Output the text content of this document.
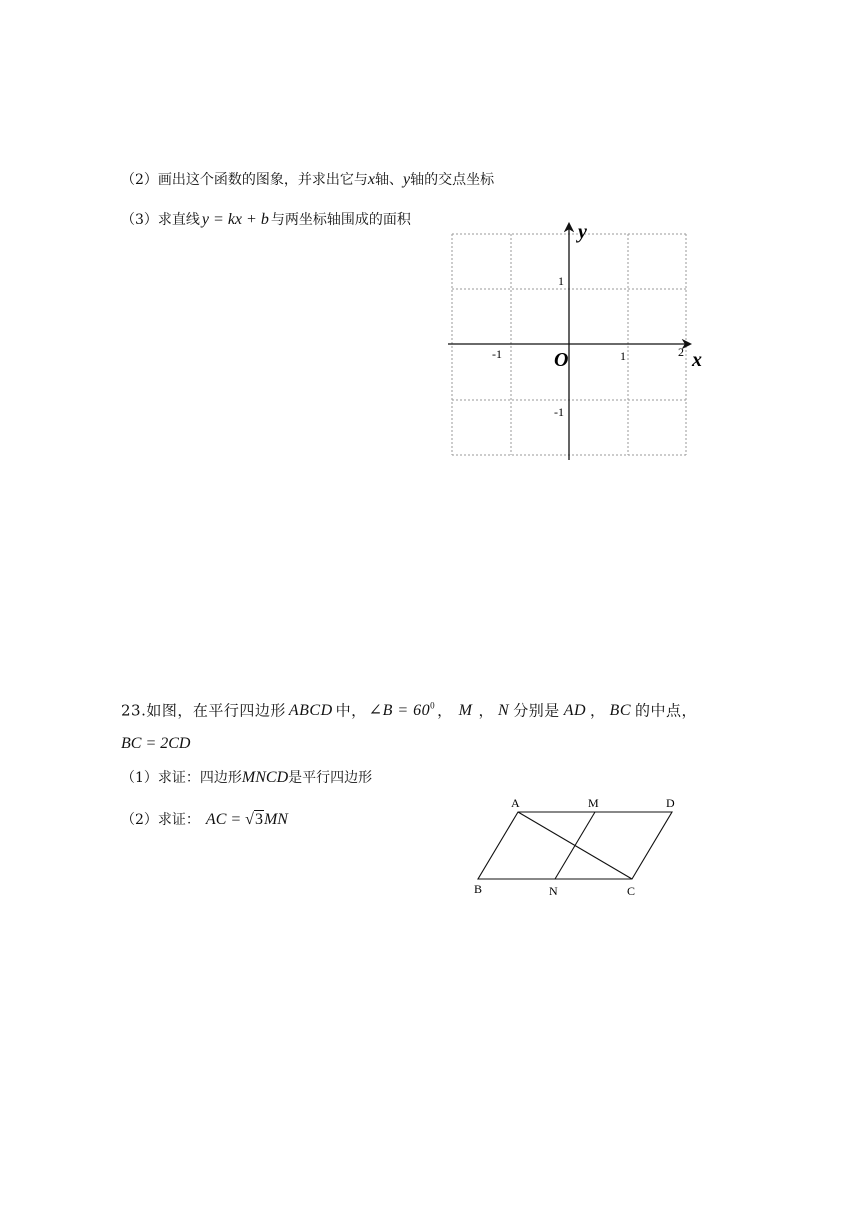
（2）画出这个函数的图象，并求出它与x轴、y轴的交点坐标
（3）求直线 y = kx + b 与两坐标轴围成的面积
y
x
O
-1	1	2
1
-1
23.如图，在平行四边形 ABCD 中， ∠B = $60^0$ ， M ， N 分别是 AD ， BC 的中点，
BC = 2CD
（1）求证：四边形MNCD是平行四边形
（2）求证： AC = √3MN
A	M	D
B	N	C
